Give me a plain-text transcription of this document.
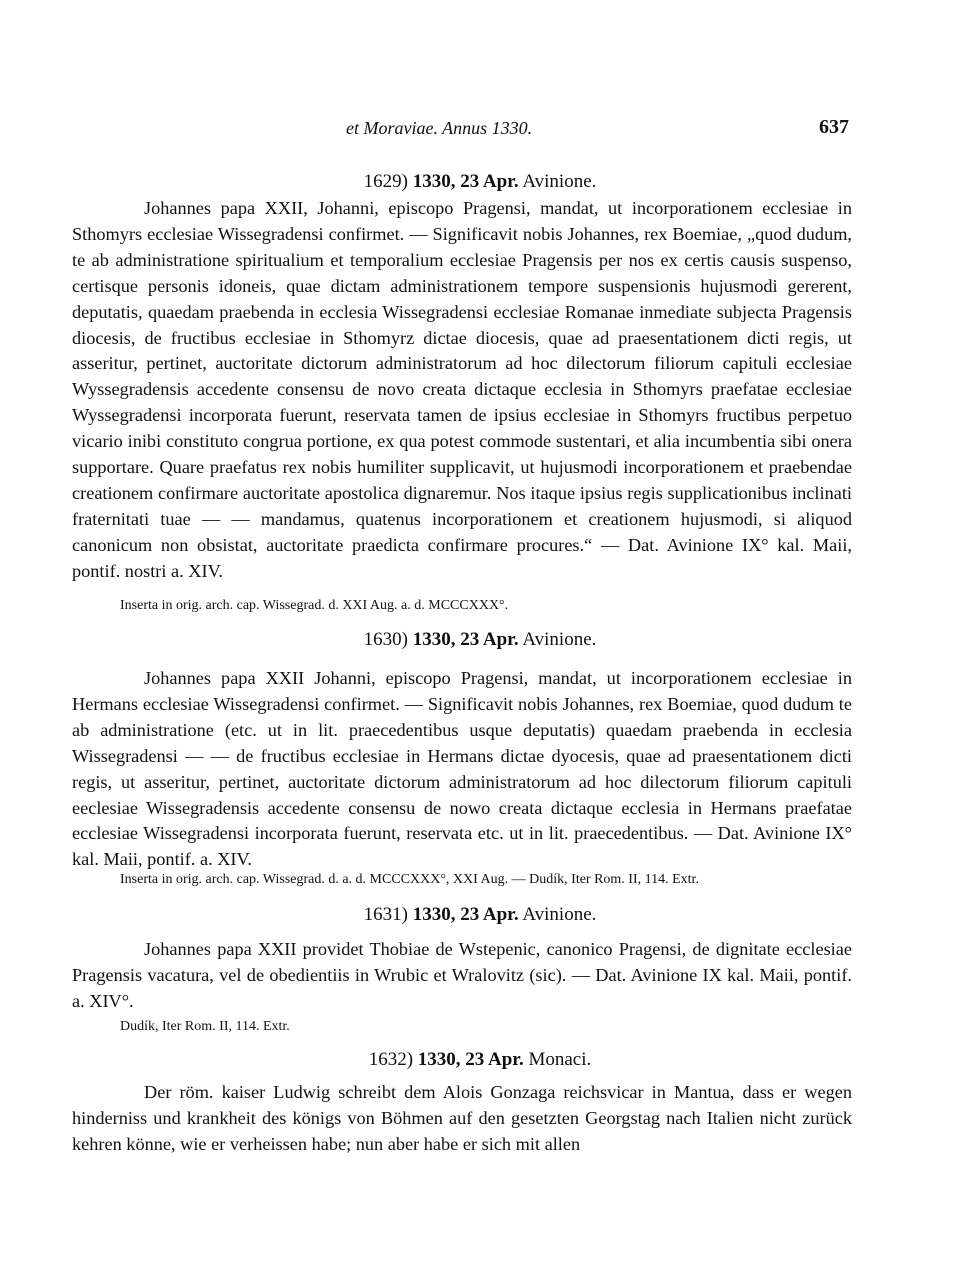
et Moraviae. Annus 1330.	637
1629) 1330, 23 Apr. Avinione.

Johannes papa XXII, Johanni, episcopo Pragensi, mandat, ut incorporationem ecclesiae in Sthomyrs ecclesiae Wissegradensi confirmet. — Significavit nobis Johannes, rex Boemiae, „quod dudum, te ab administratione spiritualium et temporalium ecclesiae Pragensis per nos ex certis causis suspenso, certisque personis idoneis, quae dictam administrationem tempore suspensionis hujusmodi gererent, deputatis, quaedam praebenda in ecclesia Wissegradensi ecclesiae Romanae inmediate subjecta Pragensis diocesis, de fructibus ecclesiae in Sthomyrz dictae diocesis, quae ad praesentationem dicti regis, ut asseritur, pertinet, auctoritate dictorum administratorum ad hoc dilectorum filiorum capituli ecclesiae Wyssegradensis accedente consensu de novo creata dictaque ecclesia in Sthomyrs praefatae ecclesiae Wyssegradensi incorporata fuerunt, reservata tamen de ipsius ecclesiae in Sthomyrs fructibus perpetuo vicario inibi constituto congrua portione, ex qua potest commode sustentari, et alia incumbentia sibi onera supportare. Quare praefatus rex nobis humiliter supplicavit, ut hujusmodi incorporationem et praebendae creationem confirmare auctoritate apostolica dignaremur. Nos itaque ipsius regis supplicationibus inclinati fraternitati tuae — — mandamus, quatenus incorporationem et creationem hujusmodi, si aliquod canonicum non obsistat, auctoritate praedicta confirmare procures.“ — Dat. Avinione IX° kal. Maii, pontif. nostri a. XIV.

Inserta in orig. arch. cap. Wissegrad. d. XXI Aug. a. d. MCCCXXX°.

1630) 1330, 23 Apr. Avinione.

Johannes papa XXII Johanni, episcopo Pragensi, mandat, ut incorporationem ecclesiae in Hermans ecclesiae Wissegradensi confirmet. — Significavit nobis Johannes, rex Boemiae, quod dudum te ab administratione (etc. ut in lit. praecedentibus usque deputatis) quaedam praebenda in ecclesia Wissegradensi — — de fructibus ecclesiae in Hermans dictae dyocesis, quae ad praesentationem dicti regis, ut asseritur, pertinet, auctoritate dictorum administratorum ad hoc dilectorum filiorum capituli eeclesiae Wissegradensis accedente consensu de nowo creata dictaque ecclesia in Hermans praefatae ecclesiae Wissegradensi incorporata fuerunt, reservata etc. ut in lit. praecedentibus. — Dat. Avinione IX° kal. Maii, pontif. a. XIV.

Inserta in orig. arch. cap. Wissegrad. d. a. d. MCCCXXX°, XXI Aug. — Dudík, Iter Rom. II, 114. Extr.

1631) 1330, 23 Apr. Avinione.

Johannes papa XXII providet Thobiae de Wstepenic, canonico Pragensi, de dignitate ecclesiae Pragensis vacatura, vel de obedientiis in Wrubic et Wralovitz (sic). — Dat. Avinione IX kal. Maii, pontif. a. XIV°.

Dudík, Iter Rom. II, 114. Extr.

1632) 1330, 23 Apr. Monaci.

Der röm. kaiser Ludwig schreibt dem Alois Gonzaga reichsvicar in Mantua, dass er wegen hinderniss und krankheit des königs von Böhmen auf den gesetzten Georgstag nach Italien nicht zurück kehren könne, wie er verheissen habe; nun aber habe er sich mit allen
